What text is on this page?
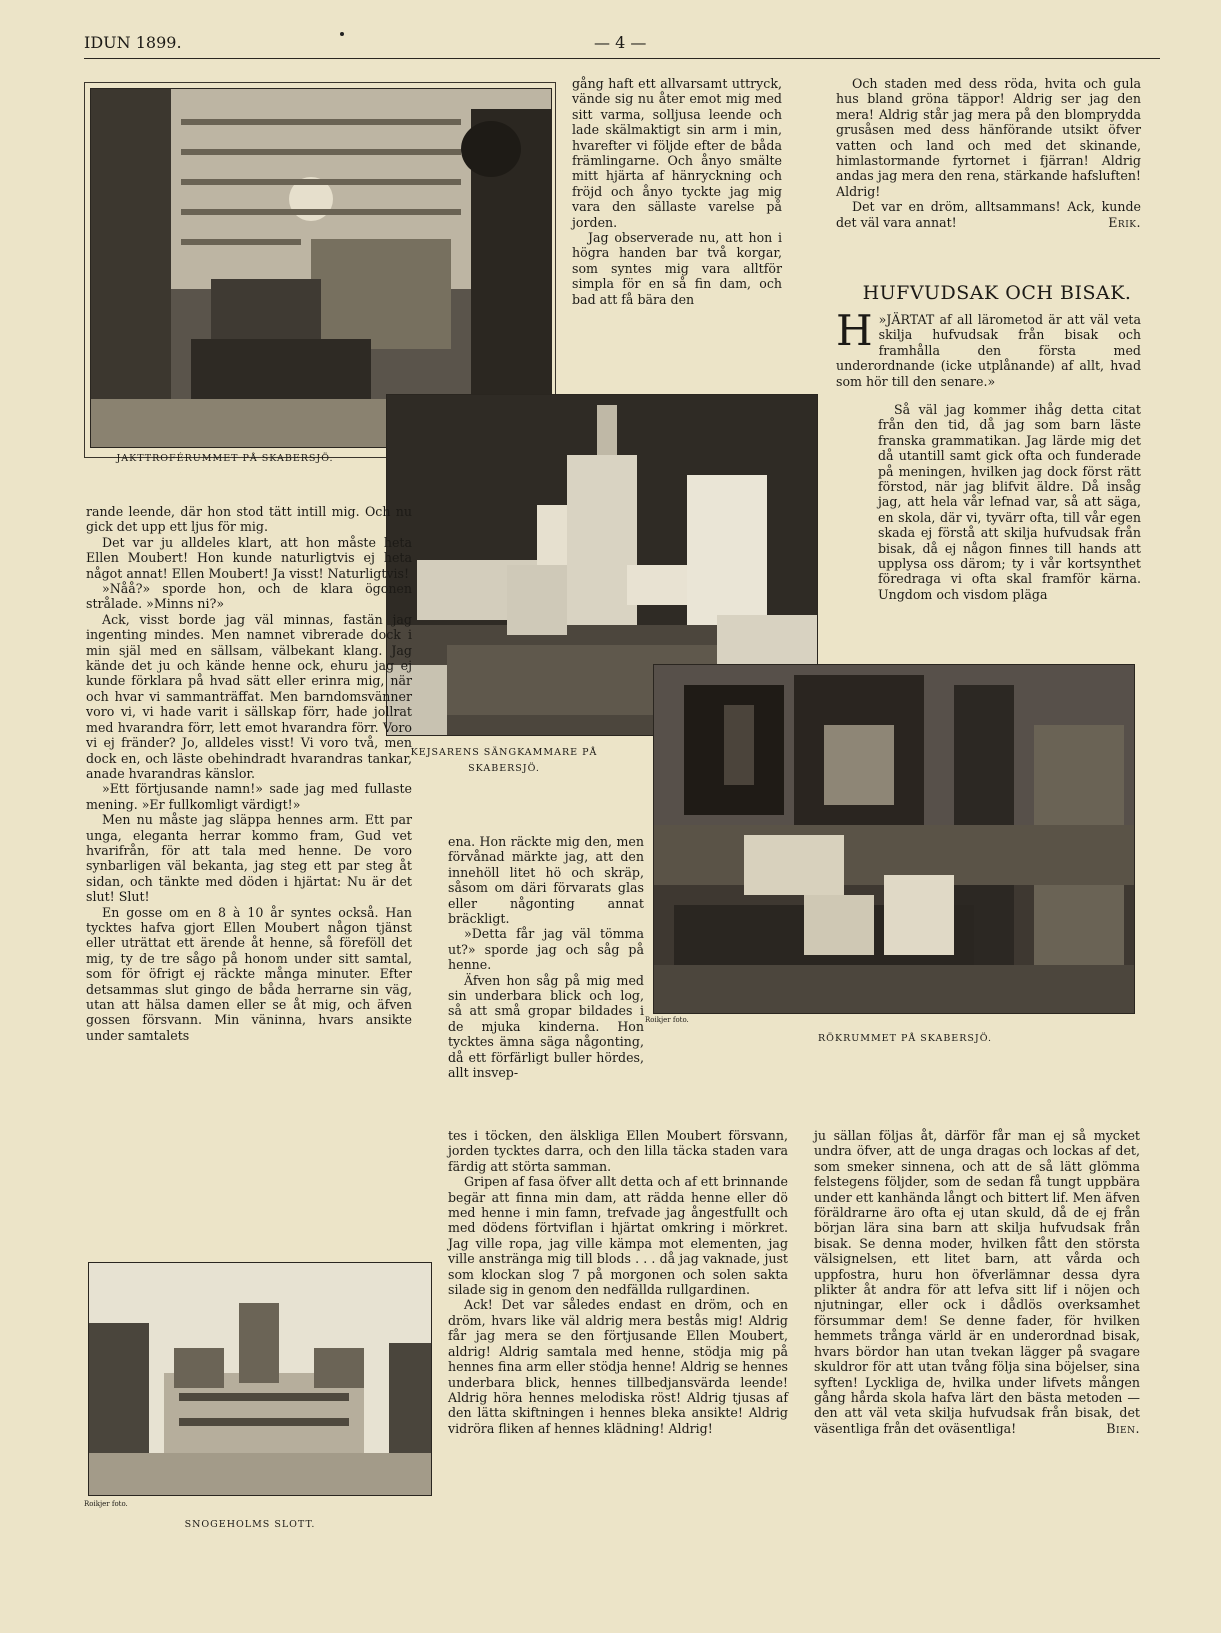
IDUN 1899.	— 4 —
JAKTTROFÉRUMMET PÅ SKABERSJÖ.
KEJSARENS SÄNGKAMMARE PÅ
SKABERSJÖ.
Roikjer foto.
RÖKRUMMET PÅ SKABERSJÖ.
Roikjer foto.
SNOGEHOLMS SLOTT.

gång haft ett allvarsamt uttryck, vände sig nu åter emot mig med sitt varma, solljusa leende och lade skälmaktigt sin arm i min, hvarefter vi följde efter de båda främlingarne. Och ånyo smälte mitt hjärta af hänryckning och fröjd och ånyo tyckte jag mig vara den sällaste varelse på jorden.

Jag observerade nu, att hon i högra handen bar två korgar, som syntes mig vara alltför simpla för en så fin dam, och bad att få bära den

Och staden med dess röda, hvita och gula hus bland gröna täppor! Aldrig ser jag den mera! Aldrig står jag mera på den blomprydda grusåsen med dess hänförande utsikt öfver vatten och land och med det skinande, himlastormande fyrtornet i fjärran! Aldrig andas jag mera den rena, stärkande hafsluften! Aldrig!

Det var en dröm, alltsammans! Ack, kunde det väl vara annat!	Erik.

HUFVUDSAK OCH BISAK.

H »JÄRTAT af all lärometod är att väl veta skilja hufvudsak från bisak och framhålla den första med underordnande (icke utplånande) af allt, hvad som hör till den senare.»

Så väl jag kommer ihåg detta citat från den tid, då jag som barn läste franska grammatikan. Jag lärde mig det då utantill samt gick ofta och funderade på meningen, hvilken jag dock först rätt förstod, när jag blifvit äldre. Då insåg jag, att hela vår lefnad var, så att säga, en skola, där vi, tyvärr ofta, till vår egen skada ej förstå att skilja hufvudsak från bisak, då ej någon finnes till hands att upplysa oss därom; ty i vår kortsynthet föredraga vi ofta skal framför kärna. Ungdom och visdom pläga

rande leende, där hon stod tätt intill mig. Och nu gick det upp ett ljus för mig.

Det var ju alldeles klart, att hon måste heta Ellen Moubert! Hon kunde naturligtvis ej heta något annat! Ellen Moubert! Ja visst! Naturligtvis!

»Nåå?» sporde hon, och de klara ögonen strålade. »Minns ni?»

Ack, visst borde jag väl minnas, fastän jag ingenting mindes. Men namnet vibrerade dock i min själ med en sällsam, välbekant klang. Jag kände det ju och kände henne ock, ehuru jag ej kunde förklara på hvad sätt eller erinra mig, när och hvar vi sammanträffat. Men barndomsvänner voro vi, vi hade varit i sällskap förr, hade jollrat med hvarandra förr, lett emot hvarandra förr. Voro vi ej fränder? Jo, alldeles visst! Vi voro två, men dock en, och läste obehindradt hvarandras tankar, anade hvarandras känslor.

»Ett förtjusande namn!» sade jag med fullaste mening. »Er fullkomligt värdigt!»

Men nu måste jag släppa hennes arm. Ett par unga, eleganta herrar kommo fram, Gud vet hvarifrån, för att tala med henne. De voro synbarligen väl bekanta, jag steg ett par steg åt sidan, och tänkte med döden i hjärtat: Nu är det slut! Slut!

En gosse om en 8 à 10 år syntes också. Han tycktes hafva gjort Ellen Moubert någon tjänst eller uträttat ett ärende åt henne, så föreföll det mig, ty de tre sågo på honom under sitt samtal, som för öfrigt ej räckte många minuter. Efter detsammas slut gingo de båda herrarne sin väg, utan att hälsa damen eller se åt mig, och äfven gossen försvann. Min väninna, hvars ansikte under samtalets

ena. Hon räckte mig den, men förvånad märkte jag, att den innehöll litet hö och skräp, såsom om däri förvarats glas eller någonting annat bräckligt.

»Detta får jag väl tömma ut?» sporde jag och såg på henne.

Äfven hon såg på mig med sin underbara blick och log, så att små gropar bildades i de mjuka kinderna. Hon tycktes ämna säga någonting, då ett förfärligt buller hördes, allt insvep-

tes i töcken, den älskliga Ellen Moubert försvann, jorden tycktes darra, och den lilla täcka staden vara färdig att störta samman.

Gripen af fasa öfver allt detta och af ett brinnande begär att finna min dam, att rädda henne eller dö med henne i min famn, trefvade jag ångestfullt och med dödens förtviflan i hjärtat omkring i mörkret. Jag ville ropa, jag ville kämpa mot elementen, jag ville anstränga mig till blods . . . då jag vaknade, just som klockan slog 7 på morgonen och solen sakta silade sig in genom den nedfällda rullgardinen.

Ack! Det var således endast en dröm, och en dröm, hvars like väl aldrig mera bestås mig! Aldrig får jag mera se den förtjusande Ellen Moubert, aldrig! Aldrig samtala med henne, stödja mig på hennes fina arm eller stödja henne! Aldrig se hennes underbara blick, hennes tillbedjansvärda leende! Aldrig höra hennes melodiska röst! Aldrig tjusas af den lätta skiftningen i hennes bleka ansikte! Aldrig vidröra fliken af hennes klädning! Aldrig!

ju sällan följas åt, därför får man ej så mycket undra öfver, att de unga dragas och lockas af det, som smeker sinnena, och att de så lätt glömma felstegens följder, som de sedan få tungt uppbära under ett kanhända långt och bittert lif. Men äfven föräldrarne äro ofta ej utan skuld, då de ej från början lära sina barn att skilja hufvudsak från bisak. Se denna moder, hvilken fått den största välsignelsen, ett litet barn, att vårda och uppfostra, huru hon öfverlämnar dessa dyra plikter åt andra för att lefva sitt lif i nöjen och njutningar, eller ock i dådlös overksamhet försummar dem! Se denne fader, för hvilken hemmets trånga värld är en underordnad bisak, hvars bördor han utan tvekan lägger på svagare skuldror för att utan tvång följa sina böjelser, sina syften! Lyckliga de, hvilka under lifvets mången gång hårda skola hafva lärt den bästa metoden — den att väl veta skilja hufvudsak från bisak, det väsentliga från det oväsentliga!	Bien.
